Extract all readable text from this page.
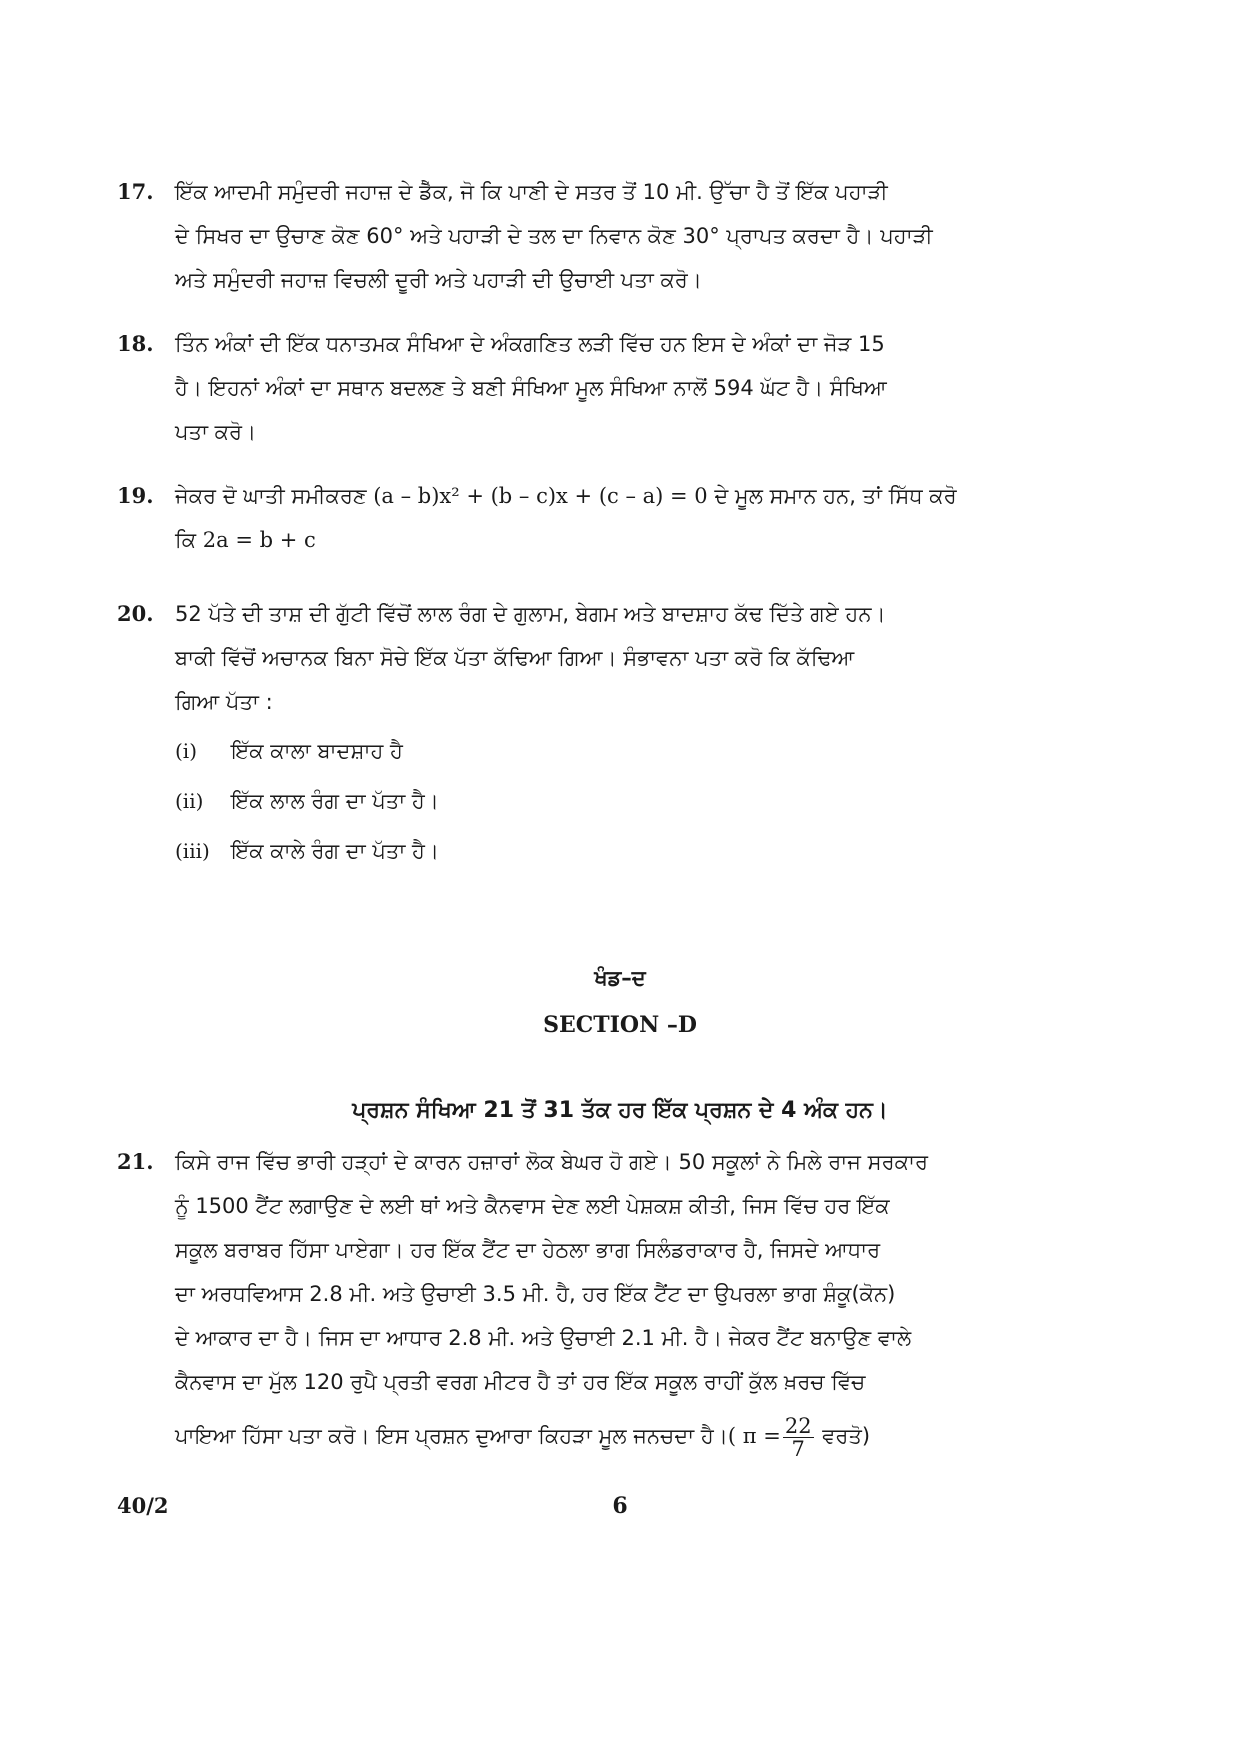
17.	ਇੱਕ ਆਦਮੀ ਸਮੁੰਦਰੀ ਜਹਾਜ਼ ਦੇ ਡੈੱਕ, ਜੋ ਕਿ ਪਾਣੀ ਦੇ ਸਤਰ ਤੋਂ 10 ਮੀ. ਉੱਚਾ ਹੈ ਤੋਂ ਇੱਕ ਪਹਾੜੀ
ਦੇ ਸਿਖਰ ਦਾ ਉਚਾਣ ਕੋਣ 60° ਅਤੇ ਪਹਾੜੀ ਦੇ ਤਲ ਦਾ ਨਿਵਾਨ ਕੋਣ 30° ਪ੍ਰਾਪਤ ਕਰਦਾ ਹੈ। ਪਹਾੜੀ
ਅਤੇ ਸਮੁੰਦਰੀ ਜਹਾਜ਼ ਵਿਚਲੀ ਦੂਰੀ ਅਤੇ ਪਹਾੜੀ ਦੀ ਉਚਾਈ ਪਤਾ ਕਰੋ।
18.	ਤਿੰਨ ਅੰਕਾਂ ਦੀ ਇੱਕ ਧਨਾਤਮਕ ਸੰਖਿਆ ਦੇ ਅੰਕਗਣਿਤ ਲੜੀ ਵਿੱਚ ਹਨ ਇਸ ਦੇ ਅੰਕਾਂ ਦਾ ਜੋੜ 15
ਹੈ। ਇਹਨਾਂ ਅੰਕਾਂ ਦਾ ਸਥਾਨ ਬਦਲਣ ਤੇ ਬਣੀ ਸੰਖਿਆ ਮੂਲ ਸੰਖਿਆ ਨਾਲੋਂ 594 ਘੱਟ ਹੈ। ਸੰਖਿਆ
ਪਤਾ ਕਰੋ।
19.	ਜੇਕਰ ਦੋ ਘਾਤੀ ਸਮੀਕਰਣ (a – b)x² + (b – c)x + (c – a) = 0 ਦੇ ਮੂਲ ਸਮਾਨ ਹਨ, ਤਾਂ ਸਿੱਧ ਕਰੋ
ਕਿ 2a = b + c
20.	52 ਪੱਤੇ ਦੀ ਤਾਸ਼ ਦੀ ਗੁੱਟੀ ਵਿੱਚੋਂ ਲਾਲ ਰੰਗ ਦੇ ਗੁਲਾਮ, ਬੇਗਮ ਅਤੇ ਬਾਦਸ਼ਾਹ ਕੱਢ ਦਿੱਤੇ ਗਏ ਹਨ।
ਬਾਕੀ ਵਿੱਚੋਂ ਅਚਾਨਕ ਬਿਨਾ ਸੋਚੇ ਇੱਕ ਪੱਤਾ ਕੱਢਿਆ ਗਿਆ। ਸੰਭਾਵਨਾ ਪਤਾ ਕਰੋ ਕਿ ਕੱਢਿਆ
ਗਿਆ ਪੱਤਾ :
(i)	ਇੱਕ ਕਾਲਾ ਬਾਦਸ਼ਾਹ ਹੈ
(ii)	ਇੱਕ ਲਾਲ ਰੰਗ ਦਾ ਪੱਤਾ ਹੈ।
(iii)	ਇੱਕ ਕਾਲੇ ਰੰਗ ਦਾ ਪੱਤਾ ਹੈ।
ਖੰਡ–ਦ
SECTION –D
ਪ੍ਰਸ਼ਨ ਸੰਖਿਆ 21 ਤੋਂ 31 ਤੱਕ ਹਰ ਇੱਕ ਪ੍ਰਸ਼ਨ ਦੇ 4 ਅੰਕ ਹਨ।
21.	ਕਿਸੇ ਰਾਜ ਵਿੱਚ ਭਾਰੀ ਹੜ੍ਹਾਂ ਦੇ ਕਾਰਨ ਹਜ਼ਾਰਾਂ ਲੋਕ ਬੇਘਰ ਹੋ ਗਏ। 50 ਸਕੂਲਾਂ ਨੇ ਮਿਲੇ ਰਾਜ ਸਰਕਾਰ
ਨੂੰ 1500 ਟੈਂਟ ਲਗਾਉਣ ਦੇ ਲਈ ਥਾਂ ਅਤੇ ਕੈਨਵਾਸ ਦੇਣ ਲਈ ਪੇਸ਼ਕਸ਼ ਕੀਤੀ, ਜਿਸ ਵਿੱਚ ਹਰ ਇੱਕ
ਸਕੂਲ ਬਰਾਬਰ ਹਿੱਸਾ ਪਾਏਗਾ। ਹਰ ਇੱਕ ਟੈਂਟ ਦਾ ਹੇਠਲਾ ਭਾਗ ਸਿਲੰਡਰਾਕਾਰ ਹੈ, ਜਿਸਦੇ ਆਧਾਰ
ਦਾ ਅਰਧਵਿਆਸ 2.8 ਮੀ. ਅਤੇ ਉਚਾਈ 3.5 ਮੀ. ਹੈ, ਹਰ ਇੱਕ ਟੈਂਟ ਦਾ ਉਪਰਲਾ ਭਾਗ ਸ਼ੰਕੂ(ਕੋਨ)
ਦੇ ਆਕਾਰ ਦਾ ਹੈ। ਜਿਸ ਦਾ ਆਧਾਰ 2.8 ਮੀ. ਅਤੇ ਉਚਾਈ 2.1 ਮੀ. ਹੈ। ਜੇਕਰ ਟੈਂਟ ਬਨਾਉਣ ਵਾਲੇ
ਕੈਨਵਾਸ ਦਾ ਮੁੱਲ 120 ਰੁਪੈ ਪ੍ਰਤੀ ਵਰਗ ਮੀਟਰ ਹੈ ਤਾਂ ਹਰ ਇੱਕ ਸਕੂਲ ਰਾਹੀਂ ਕੁੱਲ ਖ਼ਰਚ ਵਿੱਚ
ਪਾਇਆ ਹਿੱਸਾ ਪਤਾ ਕਰੋ। ਇਸ ਪ੍ਰਸ਼ਨ ਦੁਆਰਾ ਕਿਹੜਾ ਮੂਲ ਜਨਚਦਾ ਹੈ।( $\pi = \frac{22}{7}$ ਵਰਤੋ)
40/2	6
